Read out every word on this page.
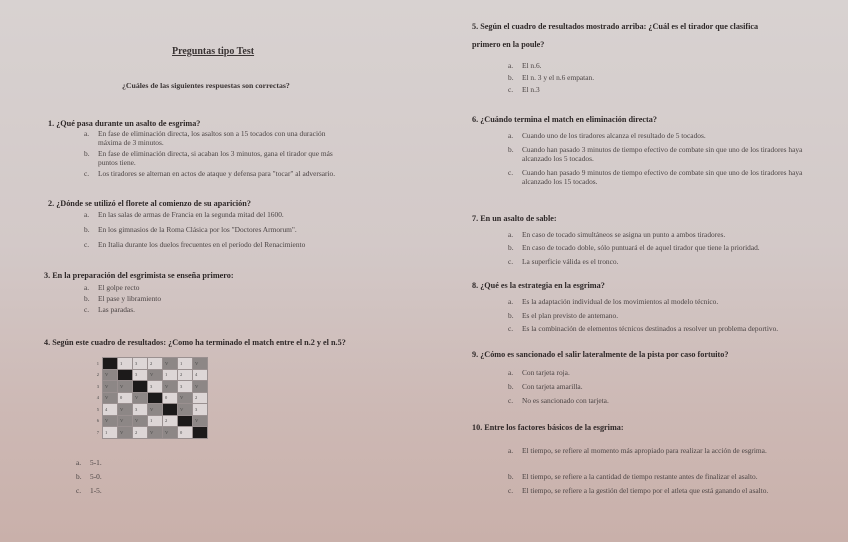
Preguntas tipo Test
¿Cuáles de las siguientes respuestas son correctas?
1. ¿Qué pasa durante un asalto de esgrima?
a. En fase de eliminación directa, los asaltos son a 15 tocados con una duración máxima de 3 minutos.
b. En fase de eliminación directa, si acaban los 3 minutos, gana el tirador que más puntos tiene.
c. Los tiradores se alternan en actos de ataque y defensa para "tocar" al adversario.
2. ¿Dónde se utilizó el florete al comienzo de su aparición?
a. En las salas de armas de Francia en la segunda mitad del 1600.
b. En los gimnasios de la Roma Clásica por los "Doctores Armorum".
c. En Italia durante los duelos frecuentes en el período del Renacimiento
3. En la preparación del esgrimista se enseña primero:
a. El golpe recto
b. El pase y libramiento
c. Las paradas.
4. Según este cuadro de resultados: ¿Como ha terminado el match entre el n.2 y el n.5?
a. 5-1.
b. 5-0.
c. 1-5.
5. Según el cuadro de resultados mostrado arriba: ¿Cuál es el tirador que clasifica primero en la poule?
a. El n.6.
b. El n. 3 y el n.6 empatan.
c. El n.3
6. ¿Cuándo termina el match en eliminación directa?
a. Cuando uno de los tiradores alcanza el resultado de 5 tocados.
b. Cuando han pasado 3 minutos de tiempo efectivo de combate sin que uno de los tiradores haya alcanzado los 5 tocados.
c. Cuando han pasado 9 minutos de tiempo efectivo de combate sin que uno de los tiradores haya alcanzado los 15 tocados.
7. En un asalto de sable:
a. En caso de tocado simultáneos se asigna un punto a ambos tiradores.
b. En caso de tocado doble, sólo puntuará el de aquel tirador que tiene la prioridad.
c. La superficie válida es el tronco.
8. ¿Qué es la estrategia en la esgrima?
a. Es la adaptación individual de los movimientos al modelo técnico.
b. Es el plan previsto de antemano.
c. Es la combinación de elementos técnicos destinados a resolver un problema deportivo.
9. ¿Cómo es sancionado el salir lateralmente de la pista por caso fortuito?
a. Con tarjeta roja.
b. Con tarjeta amarilla.
c. No es sancionado con tarjeta.
10. Entre los factores básicos de la esgrima:
a. El tiempo, se refiere al momento más apropiado para realizar la acción de esgrima.
b. El tiempo, se refiere a la cantidad de tiempo restante antes de finalizar el asalto.
c. El tiempo, se refiere a la gestión del tiempo por el atleta que está ganando el asalto.
1		1	3	2	V	1	V
2	V		3	V	1	2	4
3	V	V		3	V	3	V
4	V	0	V		0	V	2
5	4	V	3	V		V	3
6	V	V	V	1	2		V
7	1	V	2	V	V	0	
